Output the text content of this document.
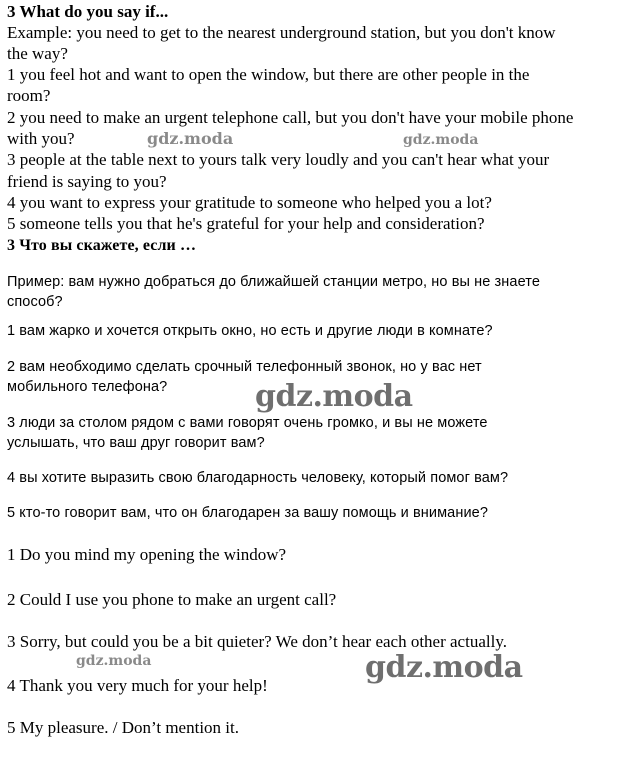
3 What do you say if...
Example: you need to get to the nearest underground station, but you don't know
the way?
1 you feel hot and want to open the window, but there are other people in the
room?
2 you need to make an urgent telephone call, but you don't have your mobile phone
with you?
3 people at the table next to yours talk very loudly and you can't hear what your
friend is saying to you?
4 you want to express your gratitude to someone who helped you a lot?
5 someone tells you that he's grateful for your help and consideration?
3 Что вы скажете, если …
Пример: вам нужно добраться до ближайшей станции метро, но вы не знаете
способ?
1 вам жарко и хочется открыть окно, но есть и другие люди в комнате?
2 вам необходимо сделать срочный телефонный звонок, но у вас нет
мобильного телефона?
3 люди за столом рядом с вами говорят очень громко, и вы не можете
услышать, что ваш друг говорит вам?
4 вы хотите выразить свою благодарность человеку, который помог вам?
5 кто-то говорит вам, что он благодарен за вашу помощь и внимание?
1 Do you mind my opening the window?
2 Could I use you phone to make an urgent call?
3 Sorry, but could you be a bit quieter? We don’t hear each other actually.
4 Thank you very much for your help!
5 My pleasure. / Don’t mention it.
gdz.moda	gdz.moda
gdz.moda
gdz.moda	gdz.moda
